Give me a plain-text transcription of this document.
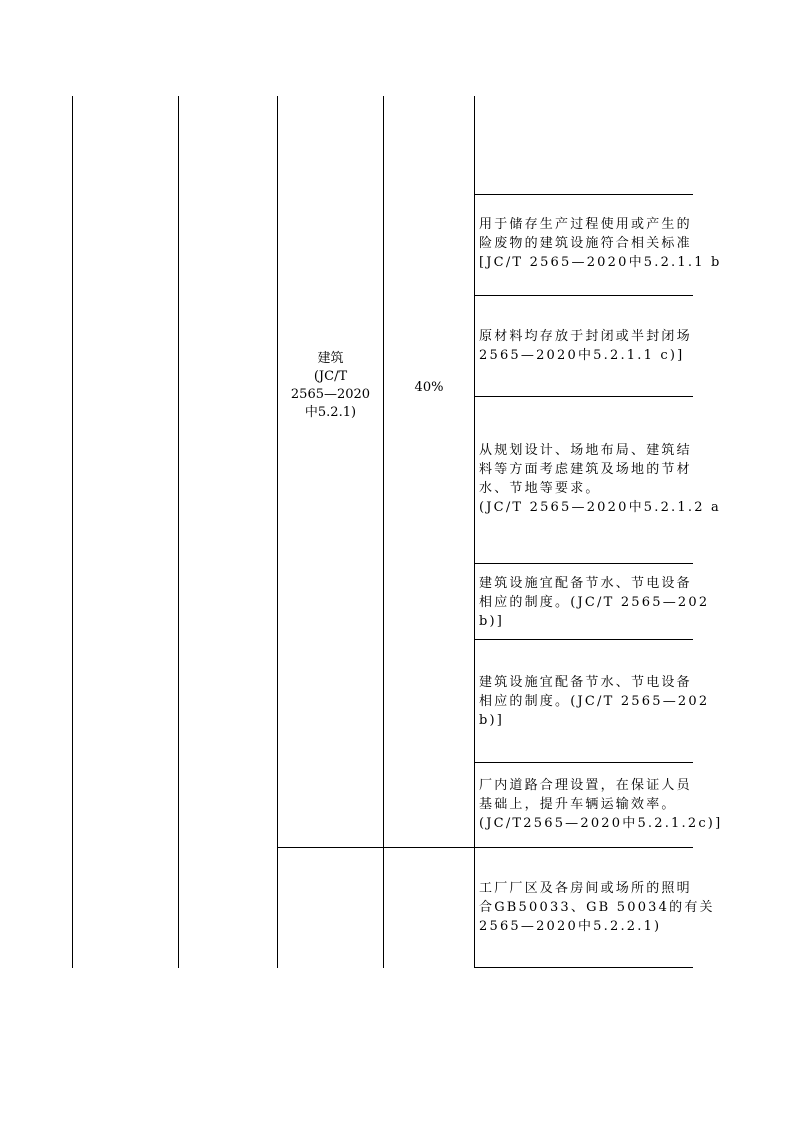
建筑
(JC/T
2565—2020
中5.2.1)
40%
用于储存生产过程使用或产生的
险废物的建筑设施符合相关标准
[JC/T 2565—2020中5.2.1.1 b
原材料均存放于封闭或半封闭场
2565—2020中5.2.1.1 c)]
从规划设计、场地布局、建筑结
料等方面考虑建筑及场地的节材
水、节地等要求。
(JC/T 2565—2020中5.2.1.2 a
建筑设施宜配备节水、节电设备
相应的制度。(JC/T 2565—202
b)]
建筑设施宜配备节水、节电设备
相应的制度。(JC/T 2565—202
b)]
厂内道路合理设置，在保证人员
基础上，提升车辆运输效率。
(JC/T2565—2020中5.2.1.2c)]
工厂厂区及各房间或场所的照明
合GB50033、GB 50034的有关
2565—2020中5.2.2.1)
